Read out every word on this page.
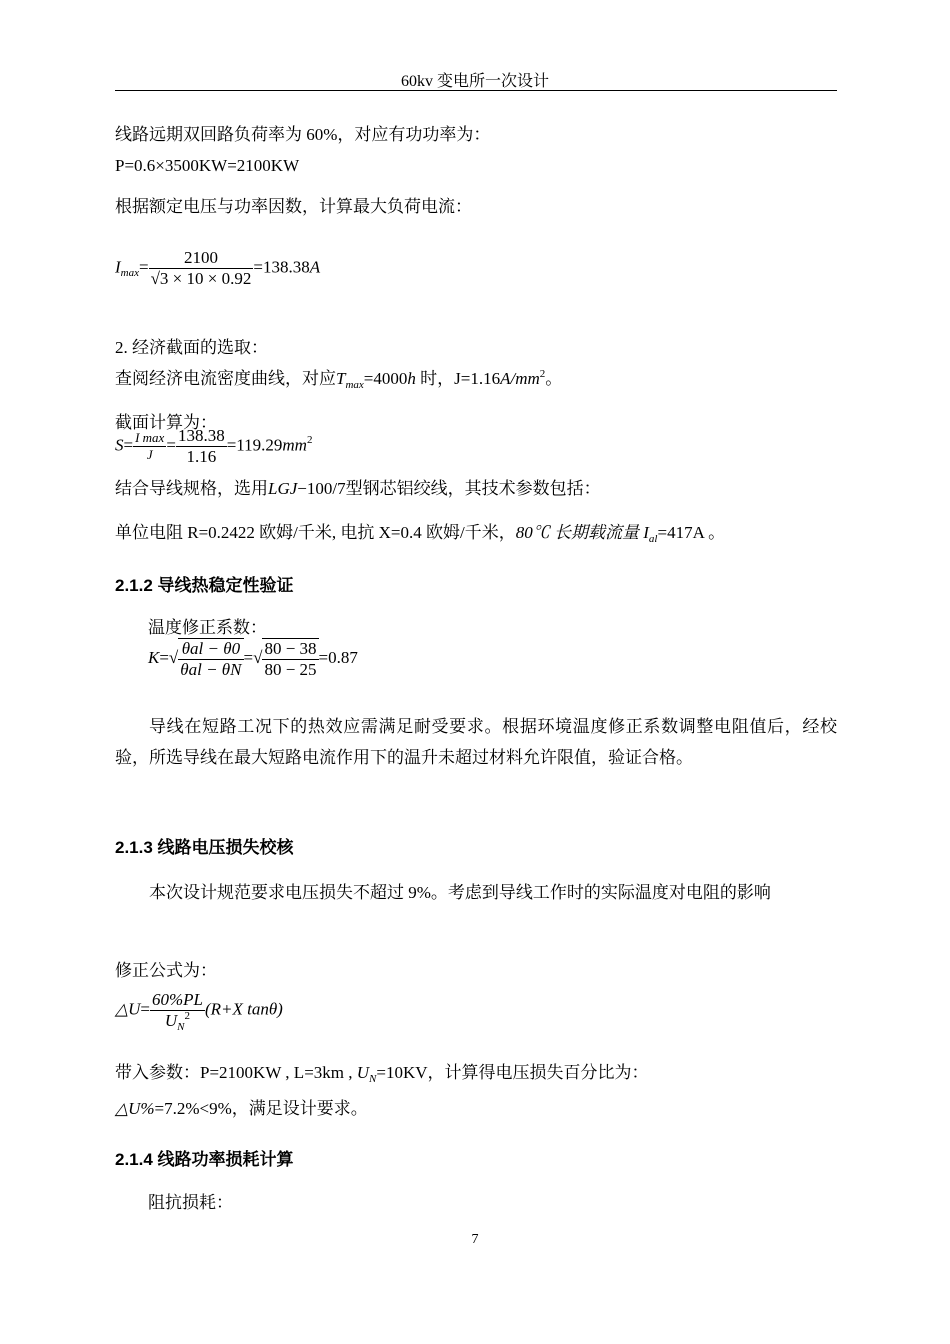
60kv 变电所一次设计
线路远期双回路负荷率为 60%，对应有功功率为：
P=0.6×3500KW=2100KW
根据额定电压与功率因数，计算最大负荷电流：
$I_{max}= \frac{2100}{√3 \times 10 \times 0.92} =138.38A$
2. 经济截面的选取：
查阅经济电流密度曲线，对应$T_{max}=4000h$ 时，$J=1.16A/mm^2$。
截面计算为：
$S= \frac{\text{I max}}{J} = \frac{138.38}{1.16} =119.29mm^2$
结合导线规格，选用LGJ−100/7型钢芯铝绞线，其技术参数包括：
单位电阻 R=0.2422 欧姆/千米, 电抗 X=0.4 欧姆/千米，80℃ 长期载流量 $I_{al}=417A$ 。
2.1.2 导线热稳定性验证
温度修正系数：
$K=√ \frac{\text{θal − θ0}}{\text{θal − θN}}$ =√ $\frac{80 - 38}{80 - 25} =0.87$
导线在短路工况下的热效应需满足耐受要求。根据环境温度修正系数调整电阻值后，经校验，所选导线在最大短路电流作用下的温升未超过材料允许限值，验证合格。
2.1.3 线路电压损失校核
本次设计规范要求电压损失不超过 9%。考虑到导线工作时的实际温度对电阻的影响
修正公式为：
△U= $\frac{60\%PL}{U_N^2} (R+X$ tanθ)
带入参数：P=2100KW , L=3km , $U_N=10KV$，计算得电压损失百分比为：
△U%=7.2%<9%，满足设计要求。
2.1.4 线路功率损耗计算
阻抗损耗：
7
